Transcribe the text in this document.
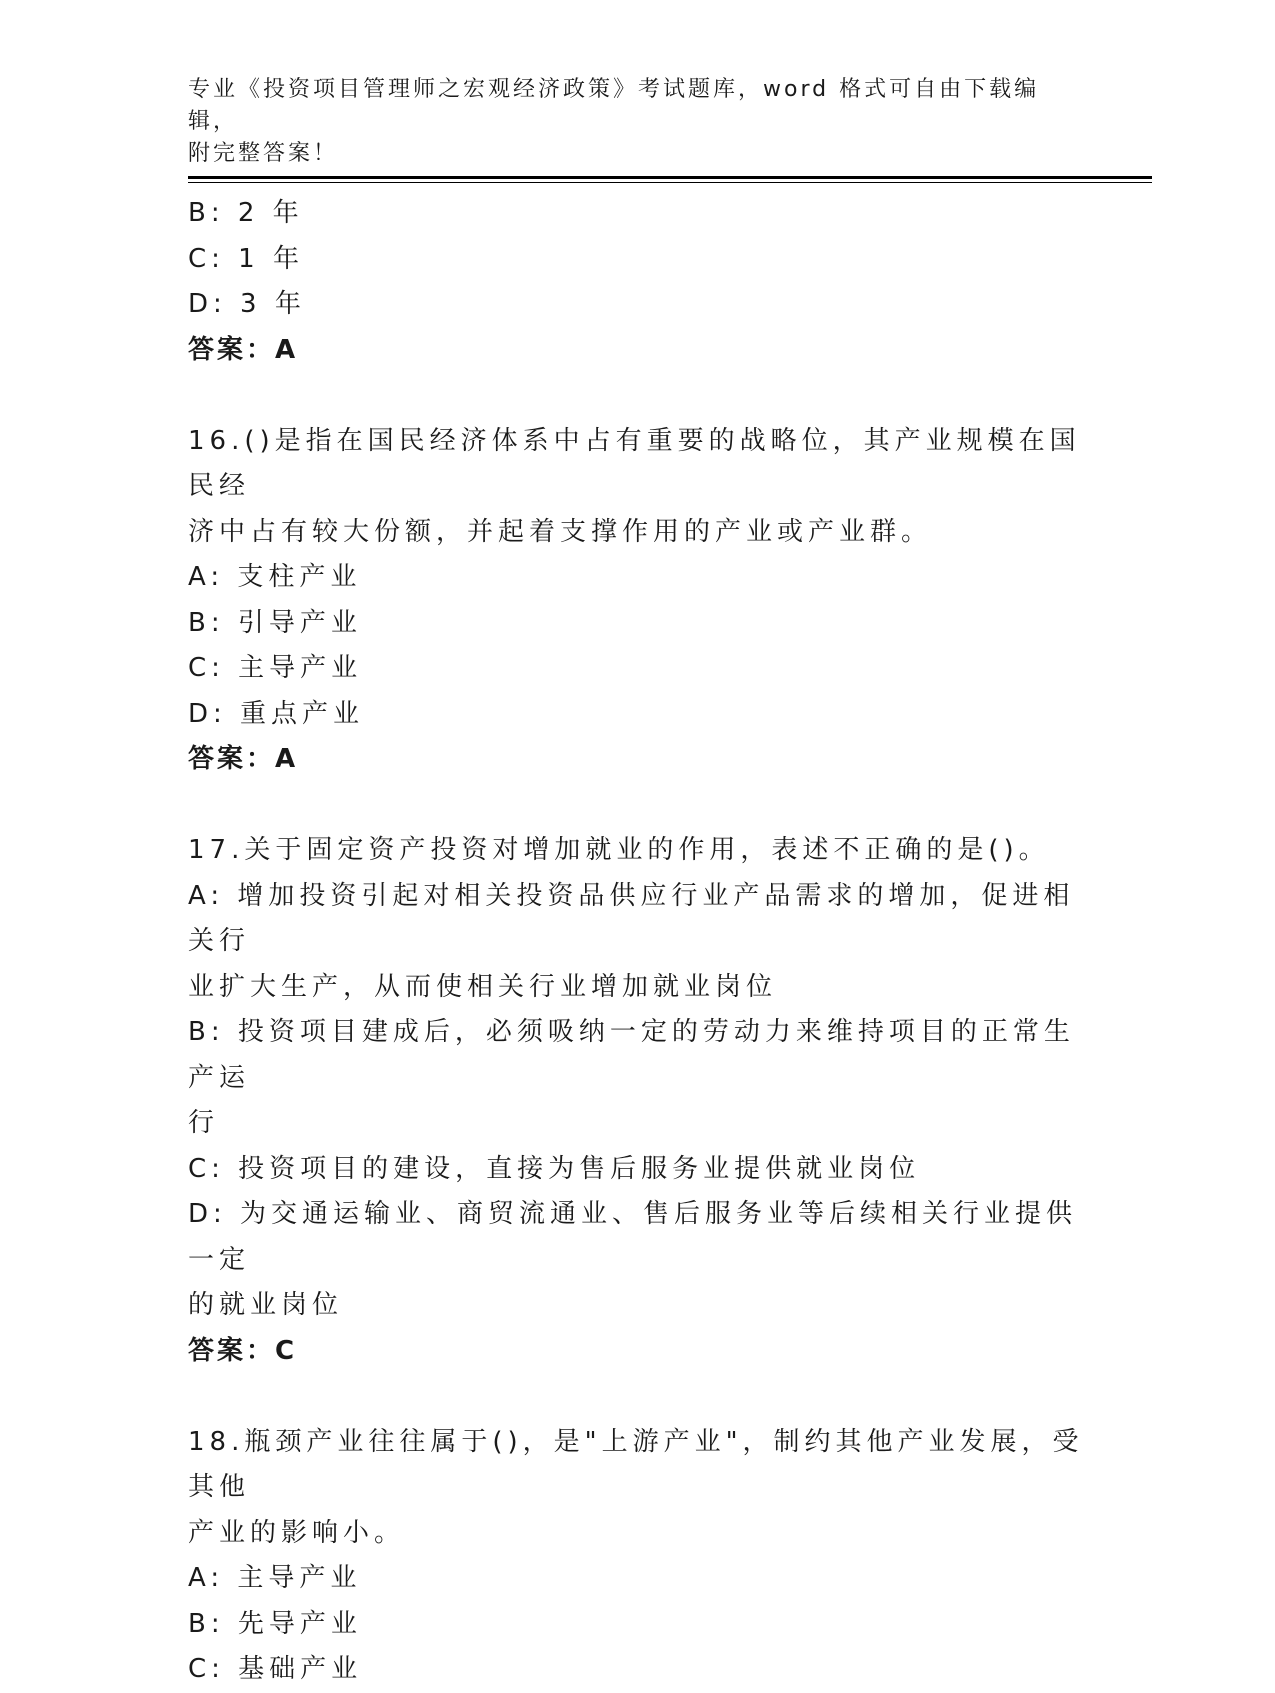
专业《投资项目管理师之宏观经济政策》考试题库，word 格式可自由下载编辑，
附完整答案！
B: 2 年
C: 1 年
D: 3 年
答案：A
16.()是指在国民经济体系中占有重要的战略位，其产业规模在国民经
济中占有较大份额，并起着支撑作用的产业或产业群。
A: 支柱产业
B: 引导产业
C: 主导产业
D: 重点产业
答案：A
17.关于固定资产投资对增加就业的作用，表述不正确的是()。
A: 增加投资引起对相关投资品供应行业产品需求的增加，促进相关行
业扩大生产，从而使相关行业增加就业岗位
B: 投资项目建成后，必须吸纳一定的劳动力来维持项目的正常生产运
行
C: 投资项目的建设，直接为售后服务业提供就业岗位
D: 为交通运输业、商贸流通业、售后服务业等后续相关行业提供一定
的就业岗位
答案：C
18.瓶颈产业往往属于()，是"上游产业"，制约其他产业发展，受其他
产业的影响小。
A: 主导产业
B: 先导产业
C: 基础产业
